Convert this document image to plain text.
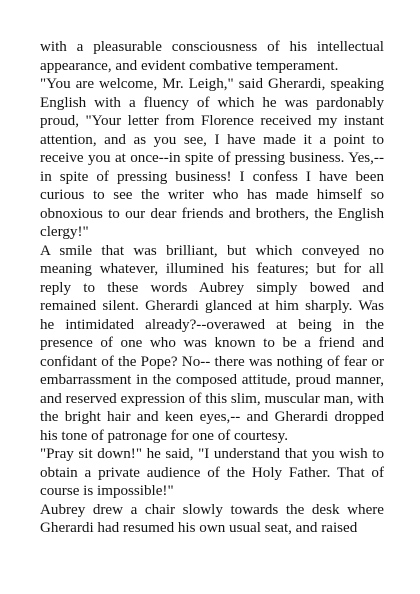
with a pleasurable consciousness of his intellectual appearance, and evident combative temperament.

"You are welcome, Mr. Leigh," said Gherardi, speaking English with a fluency of which he was pardonably proud, "Your letter from Florence received my instant attention, and as you see, I have made it a point to receive you at once--in spite of pressing business. Yes,-- in spite of pressing business! I confess I have been curious to see the writer who has made himself so obnoxious to our dear friends and brothers, the English clergy!"

A smile that was brilliant, but which conveyed no meaning whatever, illumined his features; but for all reply to these words Aubrey simply bowed and remained silent. Gherardi glanced at him sharply. Was he intimidated already?--overawed at being in the presence of one who was known to be a friend and confidant of the Pope? No-- there was nothing of fear or embarrassment in the composed attitude, proud manner, and reserved expression of this slim, muscular man, with the bright hair and keen eyes,-- and Gherardi dropped his tone of patronage for one of courtesy.

"Pray sit down!" he said, "I understand that you wish to obtain a private audience of the Holy Father. That of course is impossible!"

Aubrey drew a chair slowly towards the desk where Gherardi had resumed his own usual seat, and raised
